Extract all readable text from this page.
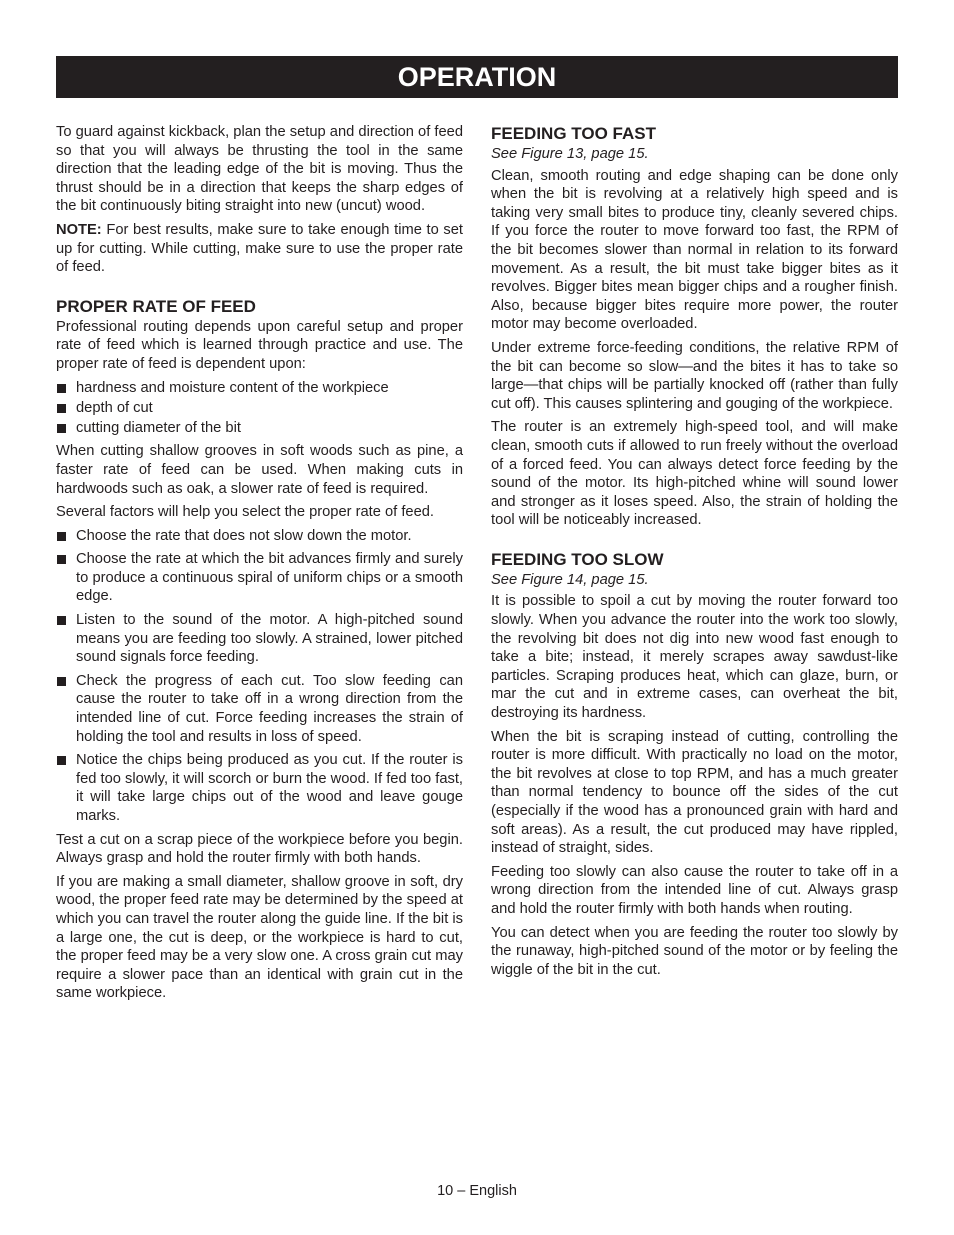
OPERATION

To guard against kickback, plan the setup and direction of feed so that you will always be thrusting the tool in the same direction that the leading edge of the bit is moving. Thus the thrust should be in a direction that keeps the sharp edges of the bit continuously biting straight into new (uncut) wood.

NOTE: For best results, make sure to take enough time to set up for cutting. While cutting, make sure to use the proper rate of feed.

PROPER RATE OF FEED

Professional routing depends upon careful setup and proper rate of feed which is learned through practice and use. The proper rate of feed is dependent upon:

hardness and moisture content of the workpiece
depth of cut
cutting diameter of the bit

When cutting shallow grooves in soft woods such as pine, a faster rate of feed can be used. When making cuts in hardwoods such as oak, a slower rate of feed is required.

Several factors will help you select the proper rate of feed.

Choose the rate that does not slow down the motor.
Choose the rate at which the bit advances firmly and surely to produce a continuous spiral of uniform chips or a smooth edge.
Listen to the sound of the motor. A high-pitched sound means you are feeding too slowly. A strained, lower pitched sound signals force feeding.
Check the progress of each cut. Too slow feeding can cause the router to take off in a wrong direction from the intended line of cut. Force feeding increases the strain of holding the tool and results in loss of speed.
Notice the chips being produced as you cut. If the router is fed too slowly, it will scorch or burn the wood. If fed too fast, it will take large chips out of the wood and leave gouge marks.

Test a cut on a scrap piece of the workpiece before you begin. Always grasp and hold the router firmly with both hands.

If you are making a small diameter, shallow groove in soft, dry wood, the proper feed rate may be determined by the speed at which you can travel the router along the guide line. If the bit is a large one, the cut is deep, or the workpiece is hard to cut, the proper feed may be a very slow one. A cross grain cut may require a slower pace than an identical with grain cut in the same workpiece.

FEEDING TOO FAST

See Figure 13, page 15.

Clean, smooth routing and edge shaping can be done only when the bit is revolving at a relatively high speed and is taking very small bites to produce tiny, cleanly severed chips. If you force the router to move forward too fast, the RPM of the bit becomes slower than normal in relation to its forward movement. As a result, the bit must take bigger bites as it revolves. Bigger bites mean bigger chips and a rougher finish. Also, because bigger bites require more power, the router motor may become overloaded.

Under extreme force-feeding conditions, the relative RPM of the bit can become so slow—and the bites it has to take so large—that chips will be partially knocked off (rather than fully cut off). This causes splintering and gouging of the workpiece.

The router is an extremely high-speed tool, and will make clean, smooth cuts if allowed to run freely without the overload of a forced feed. You can always detect force feeding by the sound of the motor. Its high-pitched whine will sound lower and stronger as it loses speed. Also, the strain of holding the tool will be noticeably increased.

FEEDING TOO SLOW

See Figure 14, page 15.

It is possible to spoil a cut by moving the router forward too slowly. When you advance the router into the work too slowly, the revolving bit does not dig into new wood fast enough to take a bite; instead, it merely scrapes away sawdust-like particles. Scraping produces heat, which can glaze, burn, or mar the cut and in extreme cases, can overheat the bit, destroying its hardness.

When the bit is scraping instead of cutting, controlling the router is more difficult. With practically no load on the motor, the bit revolves at close to top RPM, and has a much greater than normal tendency to bounce off the sides of the cut (especially if the wood has a pronounced grain with hard and soft areas). As a result, the cut produced may have rippled, instead of straight, sides.

Feeding too slowly can also cause the router to take off in a wrong direction from the intended line of cut. Always grasp and hold the router firmly with both hands when routing.

You can detect when you are feeding the router too slowly by the runaway, high-pitched sound of the motor or by feeling the wiggle of the bit in the cut.

10 – English
